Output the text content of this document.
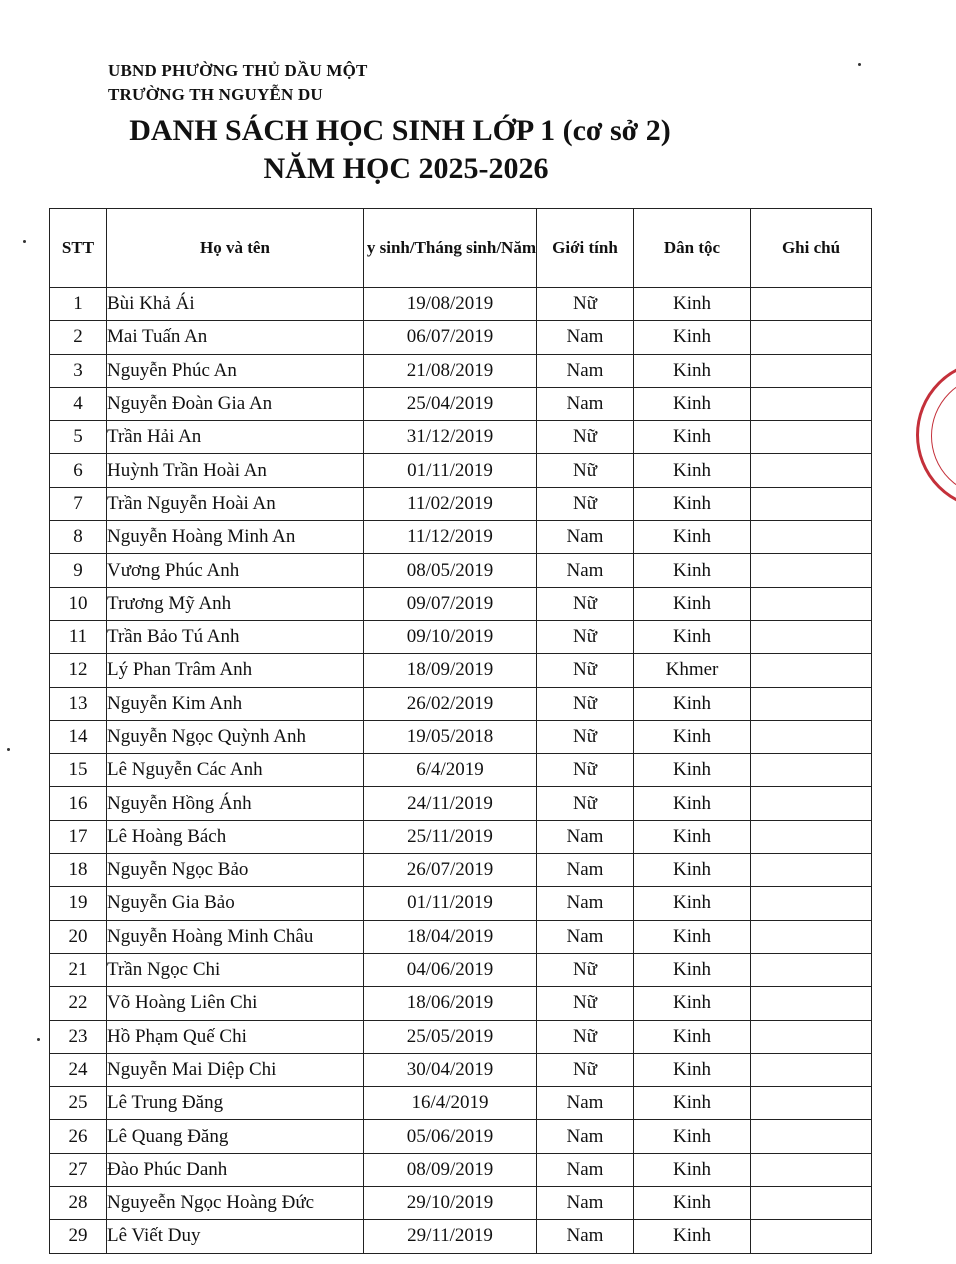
UBND PHƯỜNG THỦ DẦU MỘT
TRƯỜNG TH NGUYỄN DU
DANH SÁCH HỌC SINH LỚP 1 (cơ sở 2)
NĂM HỌC 2025-2026
STT	Họ và tên	y sinh/Tháng sinh/Năm	Giới tính	Dân tộc	Ghi chú
1	Bùi Khả Ái	19/08/2019	Nữ	Kinh	
2	Mai Tuấn An	06/07/2019	Nam	Kinh	
3	Nguyễn Phúc An	21/08/2019	Nam	Kinh	
4	Nguyễn Đoàn Gia An	25/04/2019	Nam	Kinh	
5	Trần Hải An	31/12/2019	Nữ	Kinh	
6	Huỳnh Trần Hoài An	01/11/2019	Nữ	Kinh	
7	Trần Nguyễn Hoài An	11/02/2019	Nữ	Kinh	
8	Nguyễn Hoàng Minh An	11/12/2019	Nam	Kinh	
9	Vương Phúc Anh	08/05/2019	Nam	Kinh	
10	Trương Mỹ Anh	09/07/2019	Nữ	Kinh	
11	Trần Bảo Tú Anh	09/10/2019	Nữ	Kinh	
12	Lý Phan Trâm Anh	18/09/2019	Nữ	Khmer	
13	Nguyễn Kim Anh	26/02/2019	Nữ	Kinh	
14	Nguyễn Ngọc Quỳnh Anh	19/05/2018	Nữ	Kinh	
15	Lê Nguyễn Các Anh	6/4/2019	Nữ	Kinh	
16	Nguyễn Hồng Ánh	24/11/2019	Nữ	Kinh	
17	Lê Hoàng Bách	25/11/2019	Nam	Kinh	
18	Nguyễn Ngọc Bảo	26/07/2019	Nam	Kinh	
19	Nguyễn Gia Bảo	01/11/2019	Nam	Kinh	
20	Nguyễn Hoàng Minh Châu	18/04/2019	Nam	Kinh	
21	Trần Ngọc Chi	04/06/2019	Nữ	Kinh	
22	Võ Hoàng Liên Chi	18/06/2019	Nữ	Kinh	
23	Hồ Phạm Quế Chi	25/05/2019	Nữ	Kinh	
24	Nguyễn Mai Diệp Chi	30/04/2019	Nữ	Kinh	
25	Lê Trung Đăng	16/4/2019	Nam	Kinh	
26	Lê Quang Đăng	05/06/2019	Nam	Kinh	
27	Đào Phúc Danh	08/09/2019	Nam	Kinh	
28	Nguyeễn Ngọc Hoàng Đức	29/10/2019	Nam	Kinh	
29	Lê Viết Duy	29/11/2019	Nam	Kinh	
